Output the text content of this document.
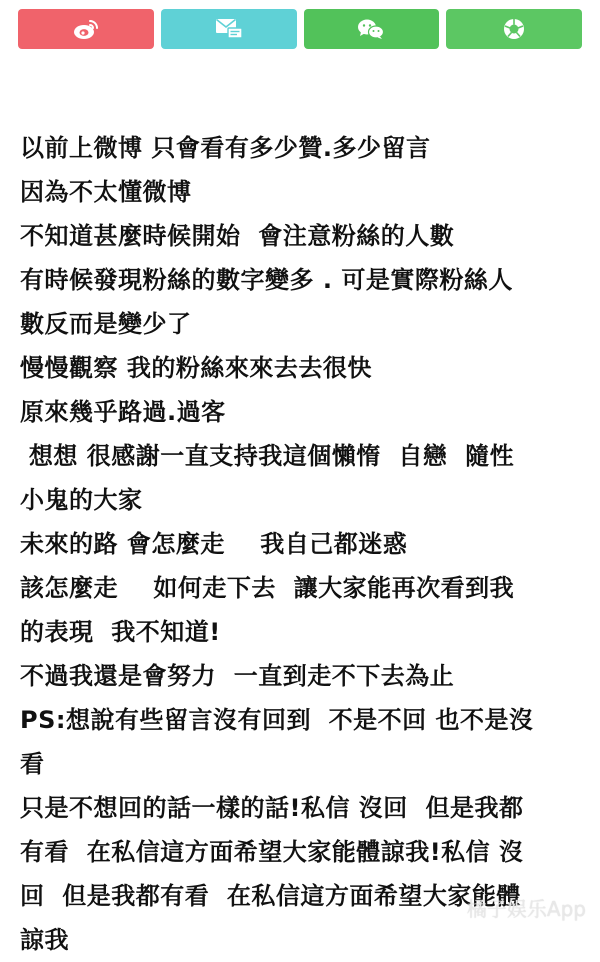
以前上微博 只會看有多少贊.多少留言
因為不太懂微博
不知道甚麼時候開始  會注意粉絲的人數
有時候發現粉絲的數字變多 . 可是實際粉絲人
數反而是變少了
慢慢觀察 我的粉絲來來去去很快
原來幾乎路過.過客
想想 很感謝一直支持我這個懶惰  自戀  隨性
小鬼的大家
未來的路 會怎麼走    我自己都迷惑
該怎麼走    如何走下去  讓大家能再次看到我
的表現  我不知道!
不過我還是會努力  一直到走不下去為止
PS:想說有些留言沒有回到  不是不回 也不是沒
看
只是不想回的話一樣的話!私信 沒回  但是我都
有看  在私信這方面希望大家能體諒我!私信 沒
回  但是我都有看  在私信這方面希望大家能體
諒我
橘子娱乐App
